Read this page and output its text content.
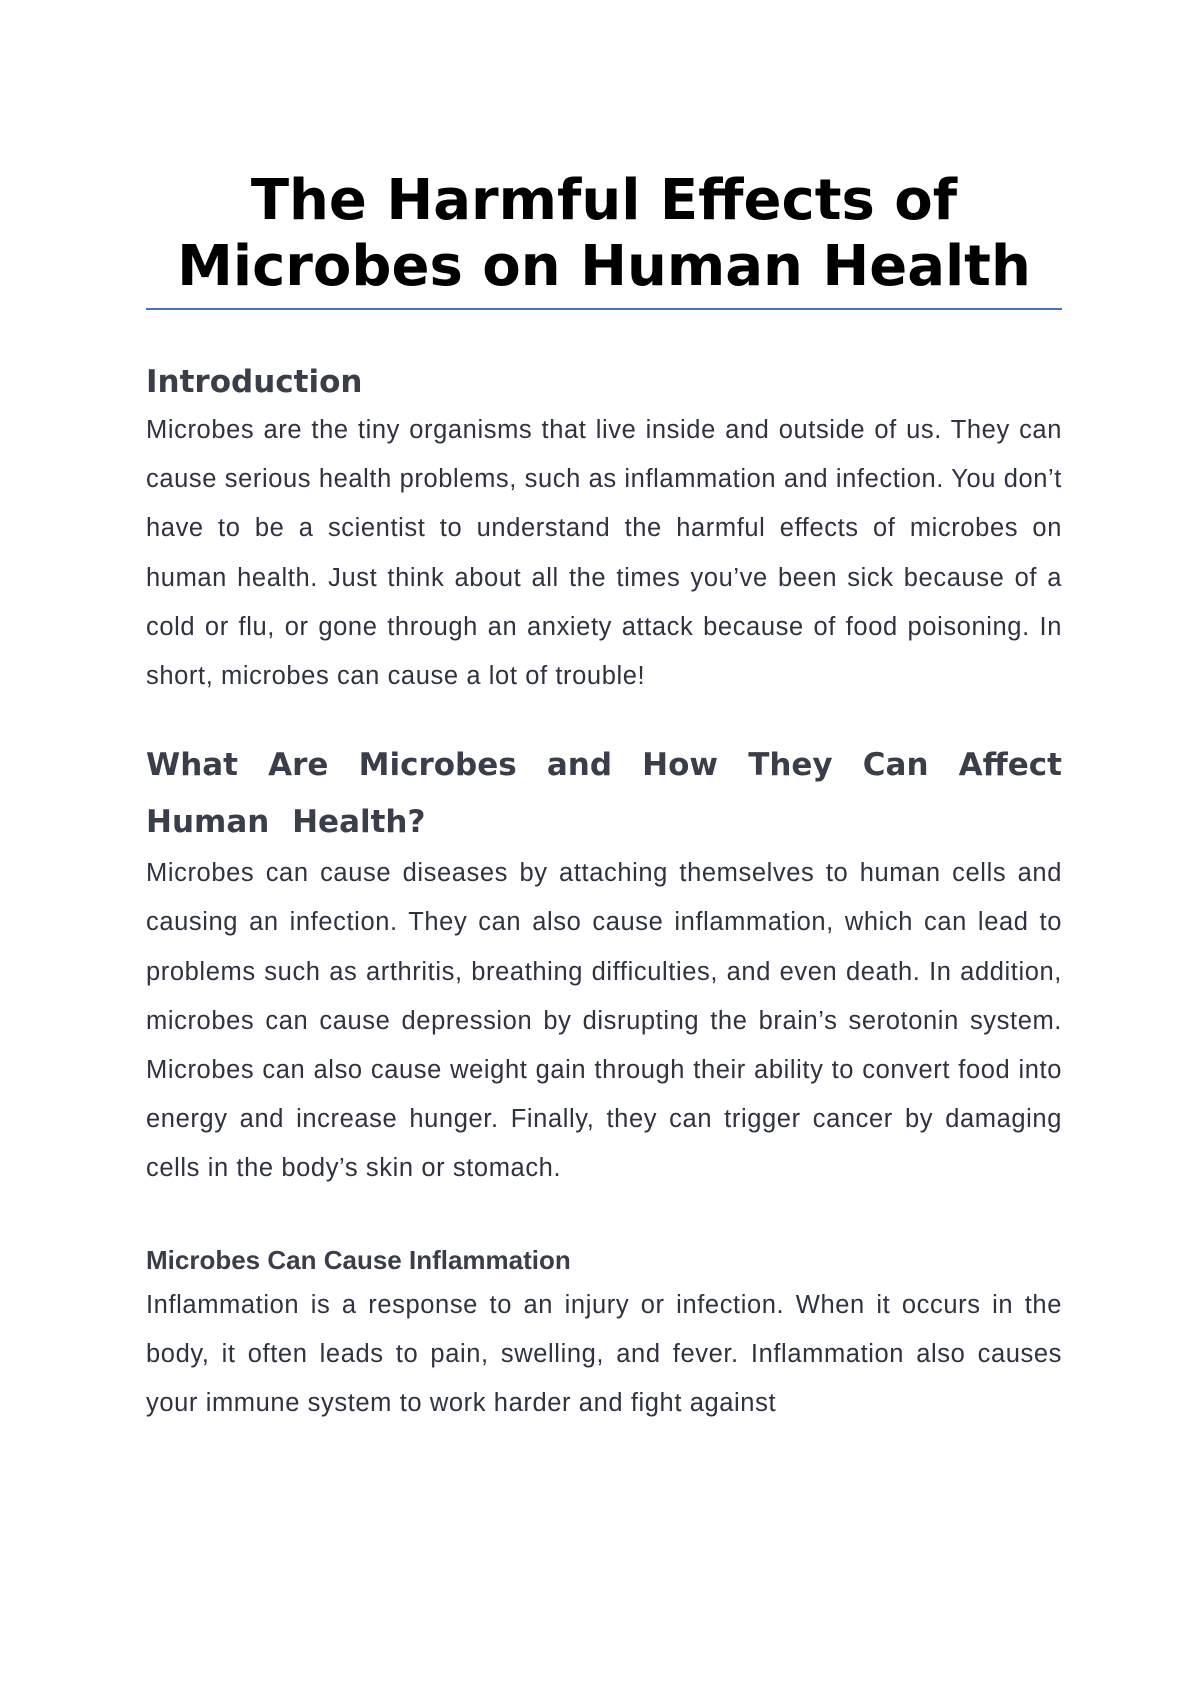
The Harmful Effects of Microbes on Human Health
Introduction

Microbes are the tiny organisms that live inside and outside of us. They can cause serious health problems, such as inflammation and infection. You don’t have to be a scientist to understand the harmful effects of microbes on human health. Just think about all the times you’ve been sick because of a cold or flu, or gone through an anxiety attack because of food poisoning. In short, microbes can cause a lot of trouble!

What Are Microbes and How They Can Affect Human Health?

Microbes can cause diseases by attaching themselves to human cells and causing an infection. They can also cause inflammation, which can lead to problems such as arthritis, breathing difficulties, and even death. In addition, microbes can cause depression by disrupting the brain’s serotonin system. Microbes can also cause weight gain through their ability to convert food into energy and increase hunger. Finally, they can trigger cancer by damaging cells in the body’s skin or stomach.

Microbes Can Cause Inflammation

Inflammation is a response to an injury or infection. When it occurs in the body, it often leads to pain, swelling, and fever. Inflammation also causes your immune system to work harder and fight against
